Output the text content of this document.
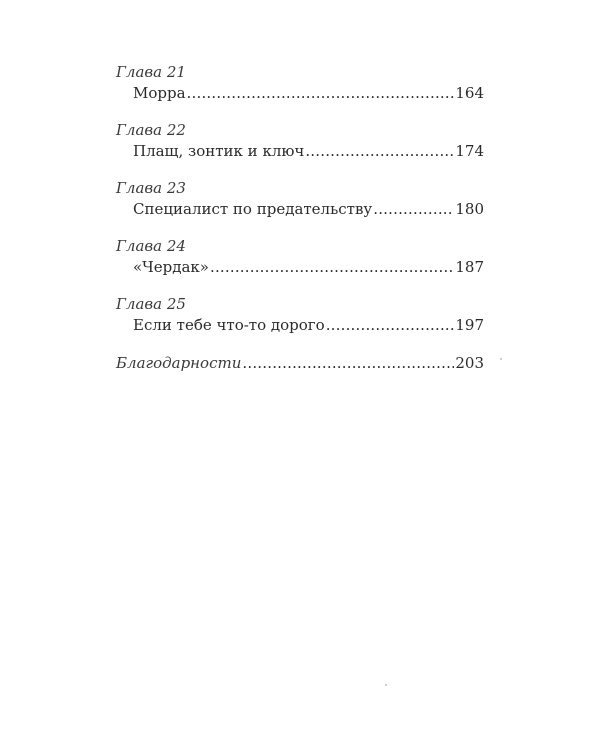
Глава 21
Морра .....	164
Глава 22
Плащ, зонтик и ключ .....	174
Глава 23
Специалист по предательству .....	180
Глава 24
«Чердак» .....	187
Глава 25
Если тебе что-то дорого .....	197
Благодарности .....	203
